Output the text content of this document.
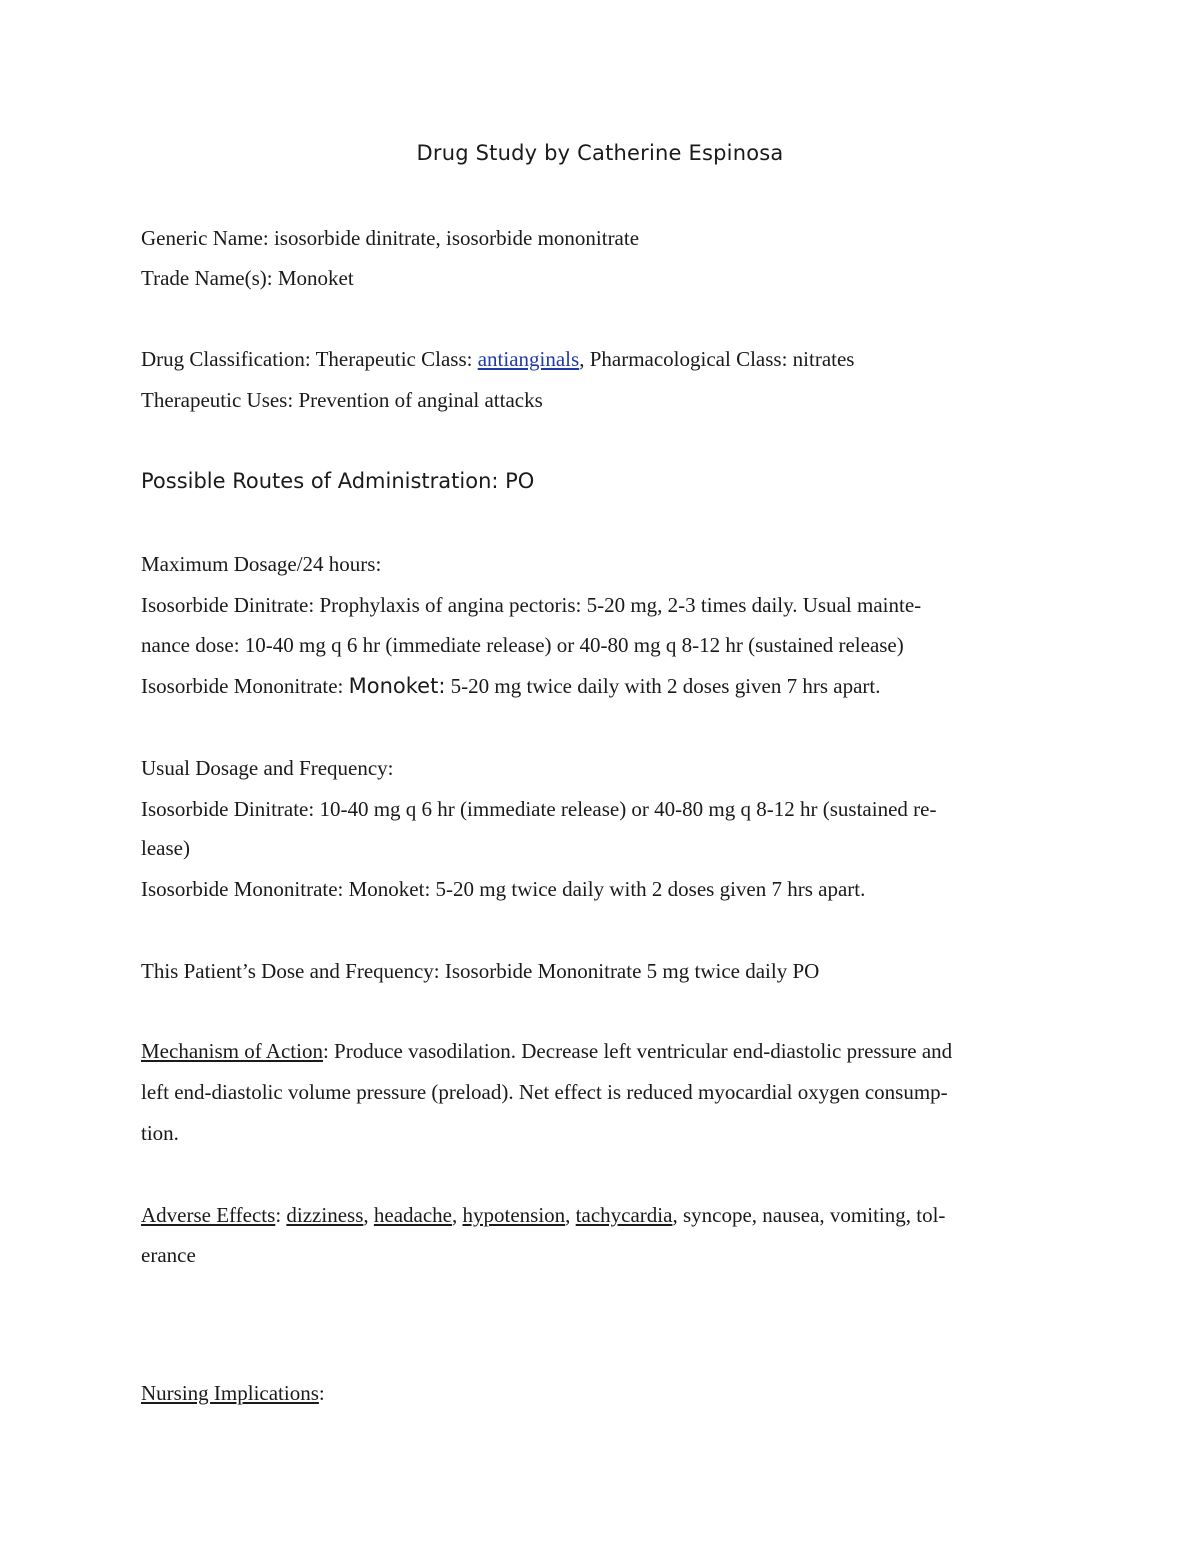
Drug Study by Catherine Espinosa
Generic Name: isosorbide dinitrate, isosorbide mononitrate
Trade Name(s): Monoket
Drug Classification: Therapeutic Class: antianginals, Pharmacological Class: nitrates
Therapeutic Uses: Prevention of anginal attacks
Possible Routes of Administration: PO
Maximum Dosage/24 hours:
Isosorbide Dinitrate: Prophylaxis of angina pectoris: 5-20 mg, 2-3 times daily. Usual mainte-
nance dose: 10-40 mg q 6 hr (immediate release) or 40-80 mg q 8-12 hr (sustained release)
Isosorbide Mononitrate: Monoket: 5-20 mg twice daily with 2 doses given 7 hrs apart.
Usual Dosage and Frequency:
Isosorbide Dinitrate: 10-40 mg q 6 hr (immediate release) or 40-80 mg q 8-12 hr (sustained re-
lease)
Isosorbide Mononitrate: Monoket: 5-20 mg twice daily with 2 doses given 7 hrs apart.
This Patient’s Dose and Frequency: Isosorbide Mononitrate 5 mg twice daily PO
Mechanism of Action: Produce vasodilation. Decrease left ventricular end-diastolic pressure and
left end-diastolic volume pressure (preload). Net effect is reduced myocardial oxygen consump-
tion.
Adverse Effects: dizziness, headache, hypotension, tachycardia, syncope, nausea, vomiting, tol-
erance
Nursing Implications:
